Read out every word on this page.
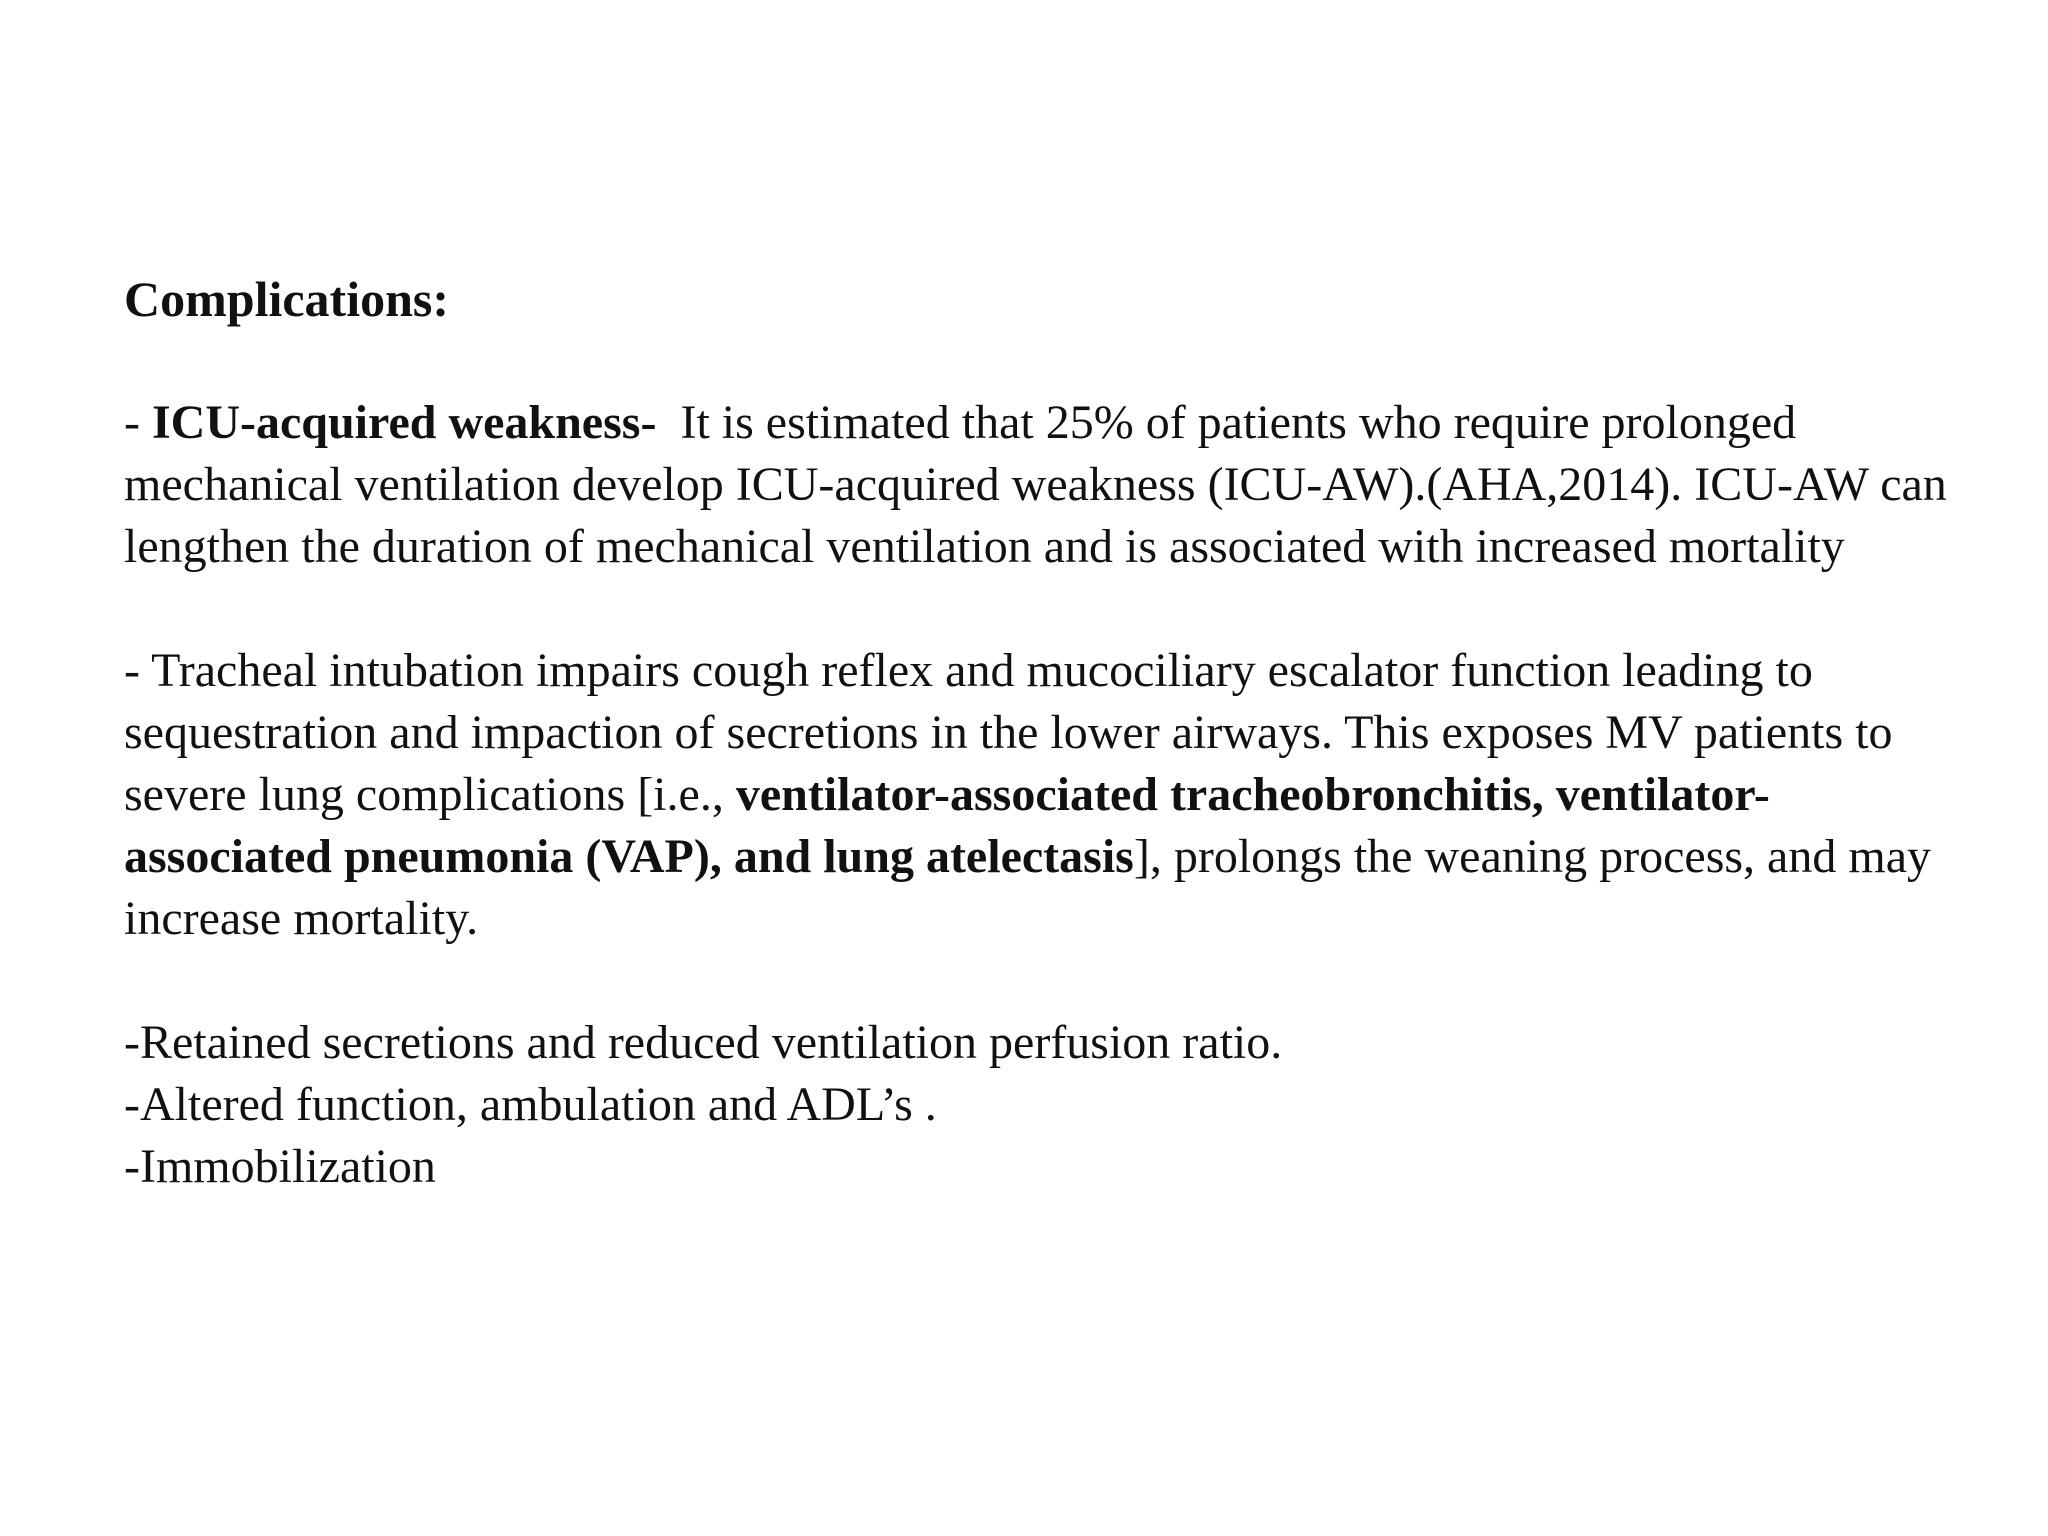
Complications:
- ICU-acquired weakness-  It is estimated that 25% of patients who require prolonged mechanical ventilation develop ICU-acquired weakness (ICU-AW).(AHA,2014). ICU-AW can lengthen the duration of mechanical ventilation and is associated with increased mortality
- Tracheal intubation impairs cough reflex and mucociliary escalator function leading to sequestration and impaction of secretions in the lower airways. This exposes MV patients to severe lung complications [i.e., ventilator-associated tracheobronchitis, ventilator-associated pneumonia (VAP), and lung atelectasis], prolongs the weaning process, and may increase mortality.
-Retained secretions and reduced ventilation perfusion ratio.
-Altered function, ambulation and ADL’s .
-Immobilization
